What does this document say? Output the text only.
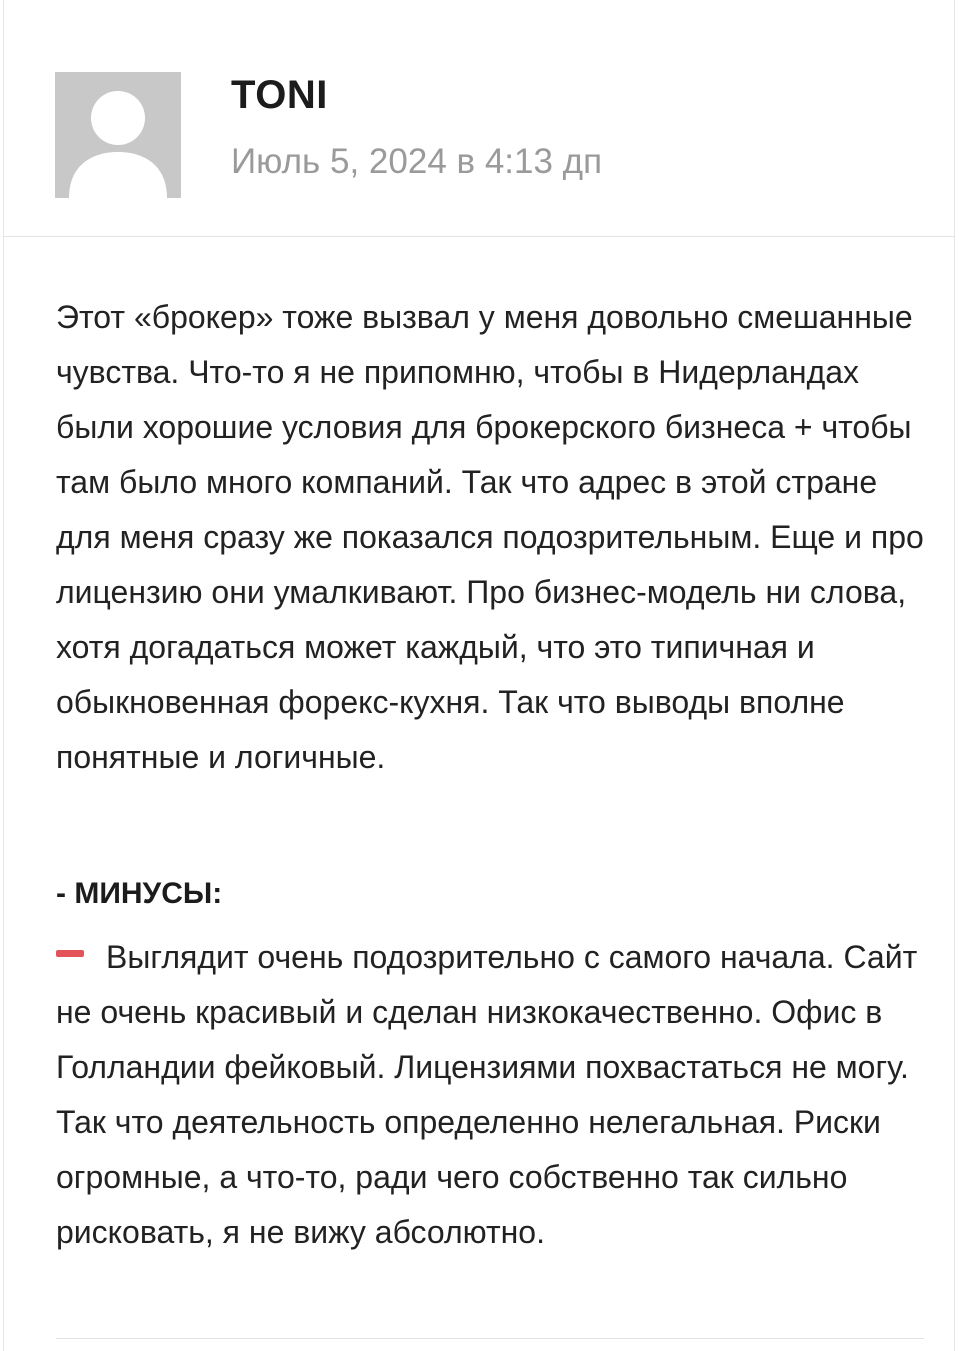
TONI
Июль 5, 2024 в 4:13 дп
Этот «брокер» тоже вызвал у меня довольно смешанные чувства. Что-то я не припомню, чтобы в Нидерландах были хорошие условия для брокерского бизнеса + чтобы там было много компаний. Так что адрес в этой стране для меня сразу же показался подозрительным. Еще и про лицензию они умалкивают. Про бизнес-модель ни слова, хотя догадаться может каждый, что это типичная и обыкновенная форекс-кухня. Так что выводы вполне понятные и логичные.
- МИНУСЫ:
Выглядит очень подозрительно с самого начала. Сайт не очень красивый и сделан низкокачественно. Офис в Голландии фейковый. Лицензиями похвастаться не могу. Так что деятельность определенно нелегальная. Риски огромные, а что-то, ради чего собственно так сильно рисковать, я не вижу абсолютно.
